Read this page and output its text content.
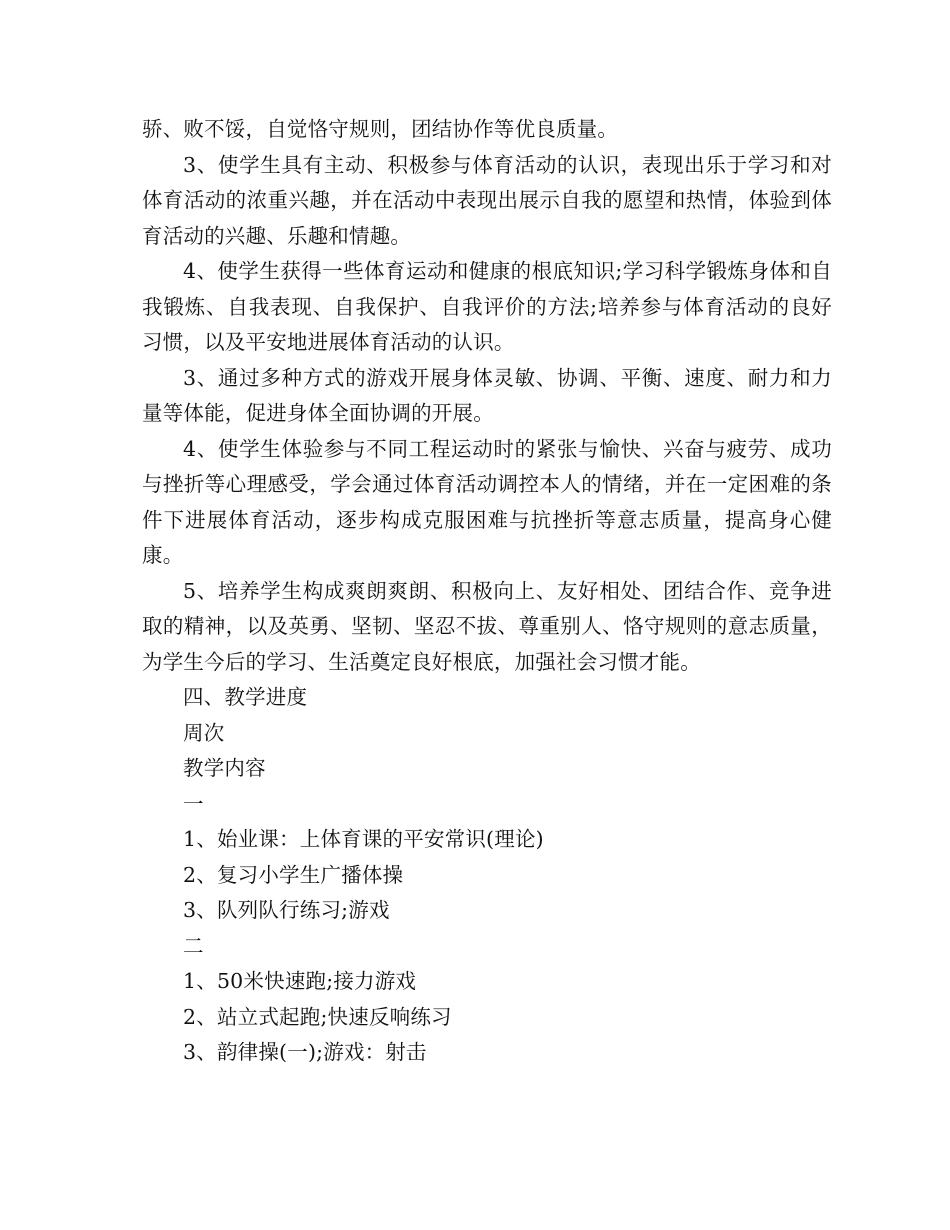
骄、败不馁，自觉恪守规则，团结协作等优良质量。

3、使学生具有主动、积极参与体育活动的认识，表现出乐于学习和对体育活动的浓重兴趣，并在活动中表现出展示自我的愿望和热情，体验到体育活动的兴趣、乐趣和情趣。

4、使学生获得一些体育运动和健康的根底知识;学习科学锻炼身体和自我锻炼、自我表现、自我保护、自我评价的方法;培养参与体育活动的良好习惯，以及平安地进展体育活动的认识。

3、通过多种方式的游戏开展身体灵敏、协调、平衡、速度、耐力和力量等体能，促进身体全面协调的开展。

4、使学生体验参与不同工程运动时的紧张与愉快、兴奋与疲劳、成功与挫折等心理感受，学会通过体育活动调控本人的情绪，并在一定困难的条件下进展体育活动，逐步构成克服困难与抗挫折等意志质量，提高身心健康。

5、培养学生构成爽朗爽朗、积极向上、友好相处、团结合作、竞争进取的精神，以及英勇、坚韧、坚忍不拔、尊重别人、恪守规则的意志质量，为学生今后的学习、生活奠定良好根底，加强社会习惯才能。

四、教学进度

周次

教学内容

一

1、始业课：上体育课的平安常识(理论)

2、复习小学生广播体操

3、队列队行练习;游戏

二

1、50米快速跑;接力游戏

2、站立式起跑;快速反响练习

3、韵律操(一);游戏：射击
